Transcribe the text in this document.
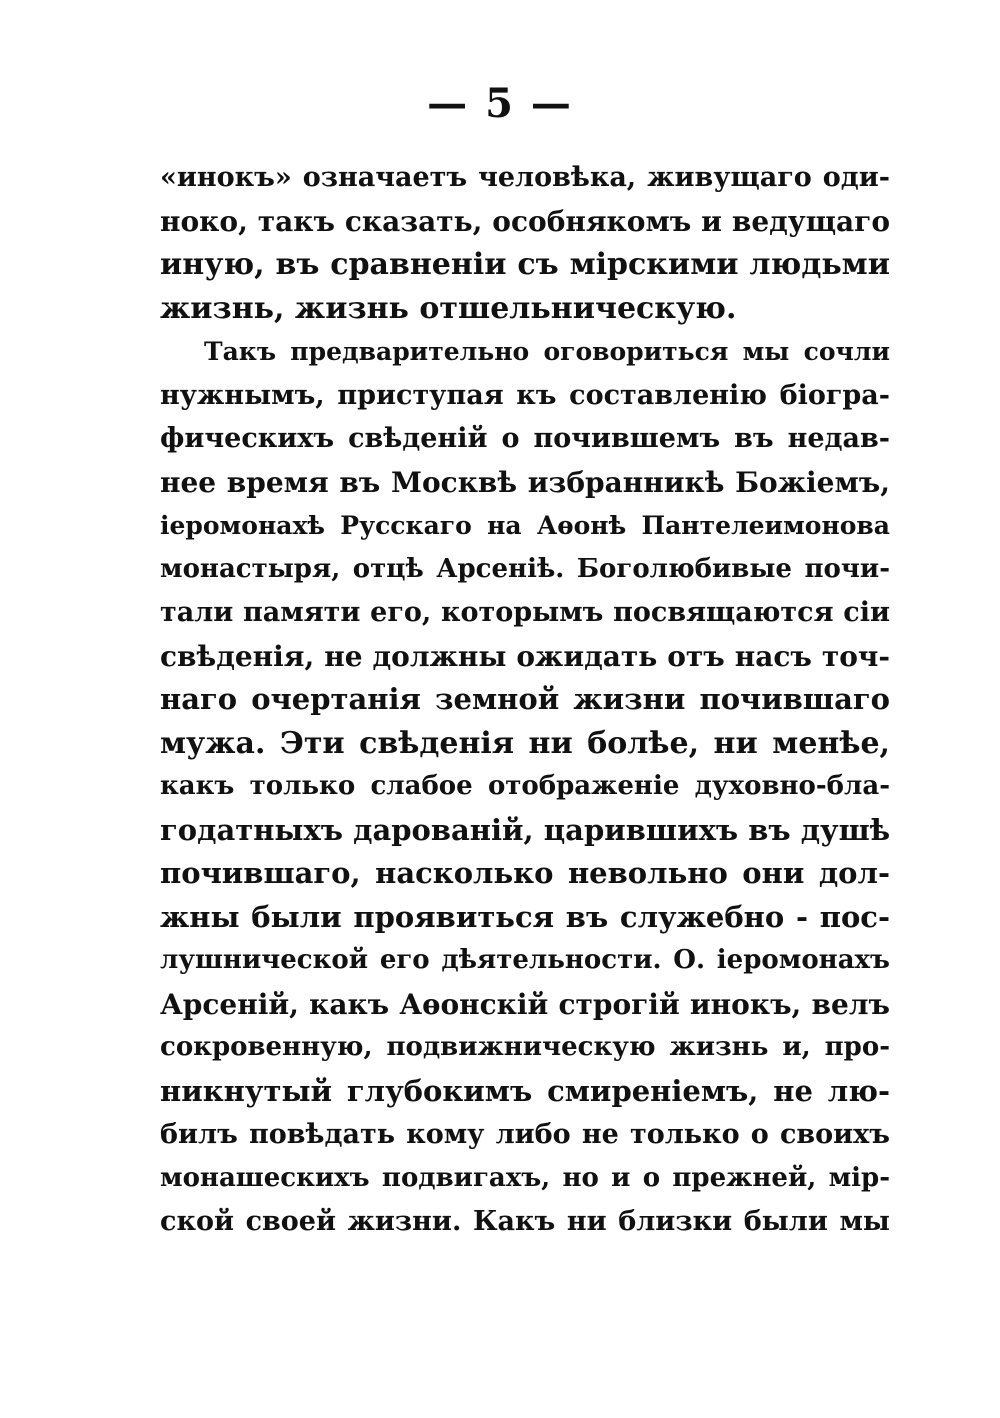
— 5 —
«инокъ» означаетъ человѣка, живущаго оди-
ноко, такъ сказать, особнякомъ и ведущаго
иную, въ сравненіи съ мірскими людьми
жизнь, жизнь отшельническую.
Такъ предварительно оговориться мы сочли
нужнымъ, приступая къ составленію біогра-
фическихъ свѣденій о почившемъ въ недав-
нее время въ Москвѣ избранникѣ Божіемъ,
іеромонахѣ Русскаго на Аѳонѣ Пантелеимонова
монастыря, отцѣ Арсеніѣ. Боголюбивые почи-
тали памяти его, которымъ посвящаются сіи
свѣденія, не должны ожидать отъ насъ точ-
наго очертанія земной жизни почившаго
мужа. Эти свѣденія ни болѣе, ни менѣе,
какъ только слабое отображеніе духовно-бла-
годатныхъ дарованій, царившихъ въ душѣ
почившаго, насколько невольно они дол-
жны были проявиться въ служебно - пос-
лушнической его дѣятельности. О. іеромонахъ
Арсеній, какъ Аѳонскій строгій инокъ, велъ
сокровенную, подвижническую жизнь и, про-
никнутый глубокимъ смиреніемъ, не лю-
билъ повѣдать кому либо не только о своихъ
монашескихъ подвигахъ, но и о прежней, мір-
ской своей жизни. Какъ ни близки были мы
